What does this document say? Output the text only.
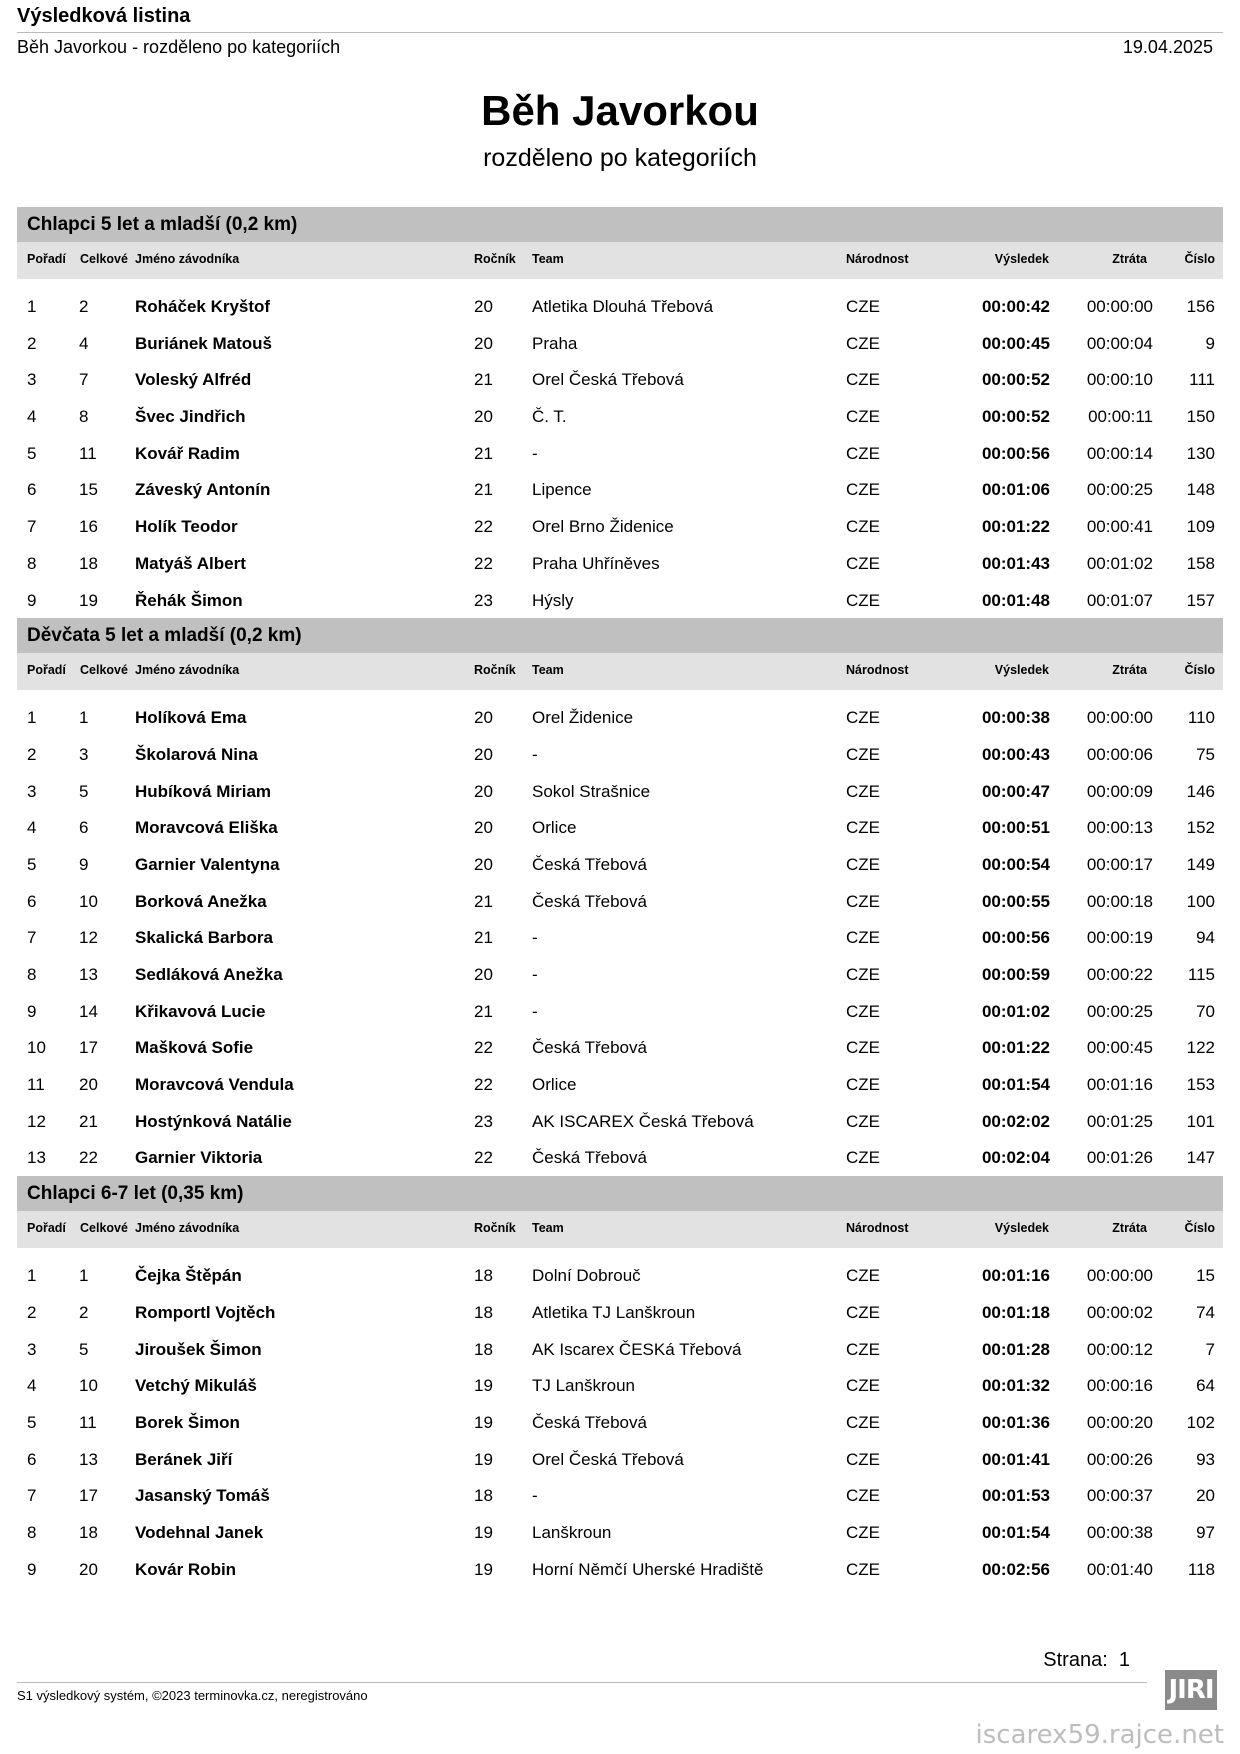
Výsledková listina
Běh Javorkou - rozděleno po kategoriích	19.04.2025
Běh Javorkou
rozděleno po kategoriích
Chlapci 5 let a mladší (0,2 km)
Pořadí Celkové Jméno závodníka	Ročník Team	Národnost	Výsledek	Ztráta	Číslo
1	2	Roháček Kryštof	20 Atletika Dlouhá Třebová	CZE	00:00:42 00:00:00 156
2	4	Buriánek Matouš	20 Praha	CZE	00:00:45 00:00:04	9
3	7	Voleský Alfréd	21 Orel Česká Třebová	CZE	00:00:52 00:00:10 111
4	8	Švec Jindřich	20 Č. T.	CZE	00:00:52 00:00:11 150
5	11 Kovář Radim	21 -	CZE	00:00:56 00:00:14 130
6	15 Záveský Antonín	21 Lipence	CZE	00:01:06 00:00:25 148
7	16 Holík Teodor	22 Orel Brno Židenice	CZE	00:01:22 00:00:41 109
8	18 Matyáš Albert	22 Praha Uhříněves	CZE	00:01:43 00:01:02 158
9	19 Řehák Šimon	23 Hýsly	CZE	00:01:48 00:01:07 157
Děvčata 5 let a mladší (0,2 km)
Pořadí Celkové Jméno závodníka	Ročník Team	Národnost	Výsledek	Ztráta	Číslo
1	1	Holíková Ema	20 Orel Židenice	CZE	00:00:38 00:00:00 110
2	3	Školarová Nina	20 -	CZE	00:00:43 00:00:06	75
3	5	Hubíková Miriam	20 Sokol Strašnice	CZE	00:00:47 00:00:09 146
4	6	Moravcová Eliška	20 Orlice	CZE	00:00:51 00:00:13 152
5	9	Garnier Valentyna	20 Česká Třebová	CZE	00:00:54 00:00:17 149
6	10 Borková Anežka	21 Česká Třebová	CZE	00:00:55 00:00:18 100
7	12 Skalická Barbora	21 -	CZE	00:00:56 00:00:19	94
8	13 Sedláková Anežka	20 -	CZE	00:00:59 00:00:22 115
9	14 Křikavová Lucie	21 -	CZE	00:01:02 00:00:25	70
10 17 Mašková Sofie	22 Česká Třebová	CZE	00:01:22 00:00:45 122
11 20 Moravcová Vendula	22 Orlice	CZE	00:01:54 00:01:16 153
12 21 Hostýnková Natálie	23 AK ISCAREX Česká Třebová	CZE	00:02:02 00:01:25 101
13 22 Garnier Viktoria	22 Česká Třebová	CZE	00:02:04 00:01:26 147
Chlapci 6-7 let (0,35 km)
Pořadí Celkové Jméno závodníka	Ročník Team	Národnost	Výsledek	Ztráta	Číslo
1	1	Čejka Štěpán	18 Dolní Dobrouč	CZE	00:01:16 00:00:00	15
2	2	Romportl Vojtěch	18 Atletika TJ Lanškroun	CZE	00:01:18 00:00:02	74
3	5	Jiroušek Šimon	18 AK Iscarex ČESKá Třebová	CZE	00:01:28 00:00:12	7
4	10 Vetchý Mikuláš	19 TJ Lanškroun	CZE	00:01:32 00:00:16	64
5	11 Borek Šimon	19 Česká Třebová	CZE	00:01:36 00:00:20 102
6	13 Beránek Jiří	19 Orel Česká Třebová	CZE	00:01:41 00:00:26	93
7	17 Jasanský Tomáš	18 -	CZE	00:01:53 00:00:37	20
8	18 Vodehnal Janek	19 Lanškroun	CZE	00:01:54 00:00:38	97
9	20 Kovár Robin	19 Horní Němčí Uherské Hradiště	CZE	00:02:56 00:01:40 118
Strana: 1
S1 výsledkový systém, ©2023 terminovka.cz, neregistrováno	JIRI
iscarex59.rajce.net
